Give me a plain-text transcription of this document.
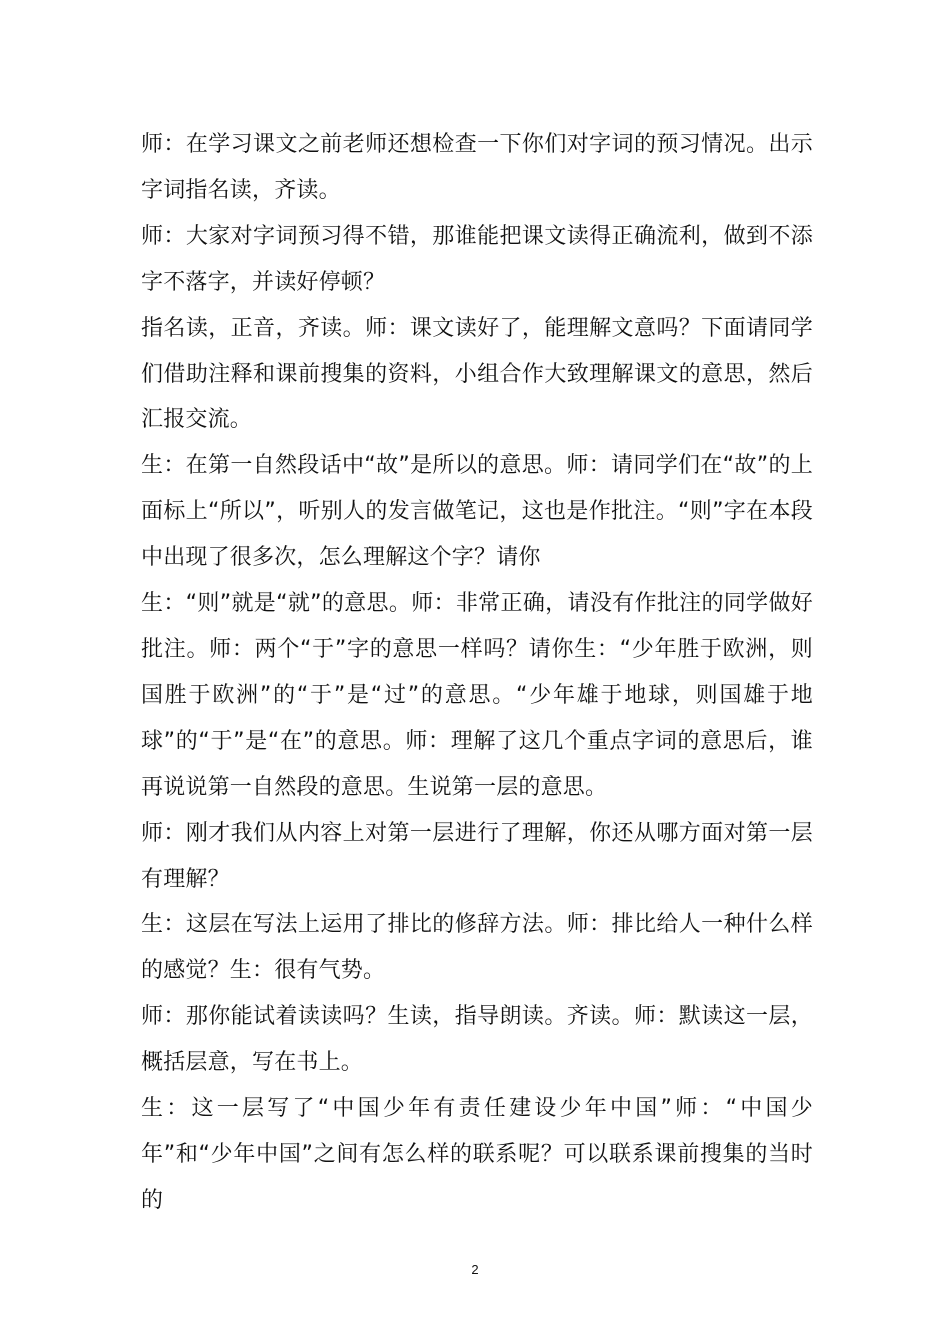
师：在学习课文之前老师还想检查一下你们对字词的预习情况。出示字词指名读，齐读。

师：大家对字词预习得不错，那谁能把课文读得正确流利，做到不添字不落字，并读好停顿？

指名读，正音，齐读。师：课文读好了，能理解文意吗？下面请同学们借助注释和课前搜集的资料，小组合作大致理解课文的意思，然后汇报交流。

生：在第一自然段话中“故”是所以的意思。师：请同学们在“故”的上面标上“所以”，听别人的发言做笔记，这也是作批注。“则”字在本段中出现了很多次，怎么理解这个字？请你

生：“则”就是“就”的意思。师：非常正确，请没有作批注的同学做好批注。师：两个“于”字的意思一样吗？请你生：“少年胜于欧洲，则国胜于欧洲”的“于”是“过”的意思。“少年雄于地球，则国雄于地球”的“于”是“在”的意思。师：理解了这几个重点字词的意思后，谁再说说第一自然段的意思。生说第一层的意思。

师：刚才我们从内容上对第一层进行了理解，你还从哪方面对第一层有理解？

生：这层在写法上运用了排比的修辞方法。师：排比给人一种什么样的感觉？生：很有气势。

师：那你能试着读读吗？生读，指导朗读。齐读。师：默读这一层，概括层意，写在书上。

生：这一层写了“中国少年有责任建设少年中国”师：“中国少年”和“少年中国”之间有怎么样的联系呢？可以联系课前搜集的当时的

2
